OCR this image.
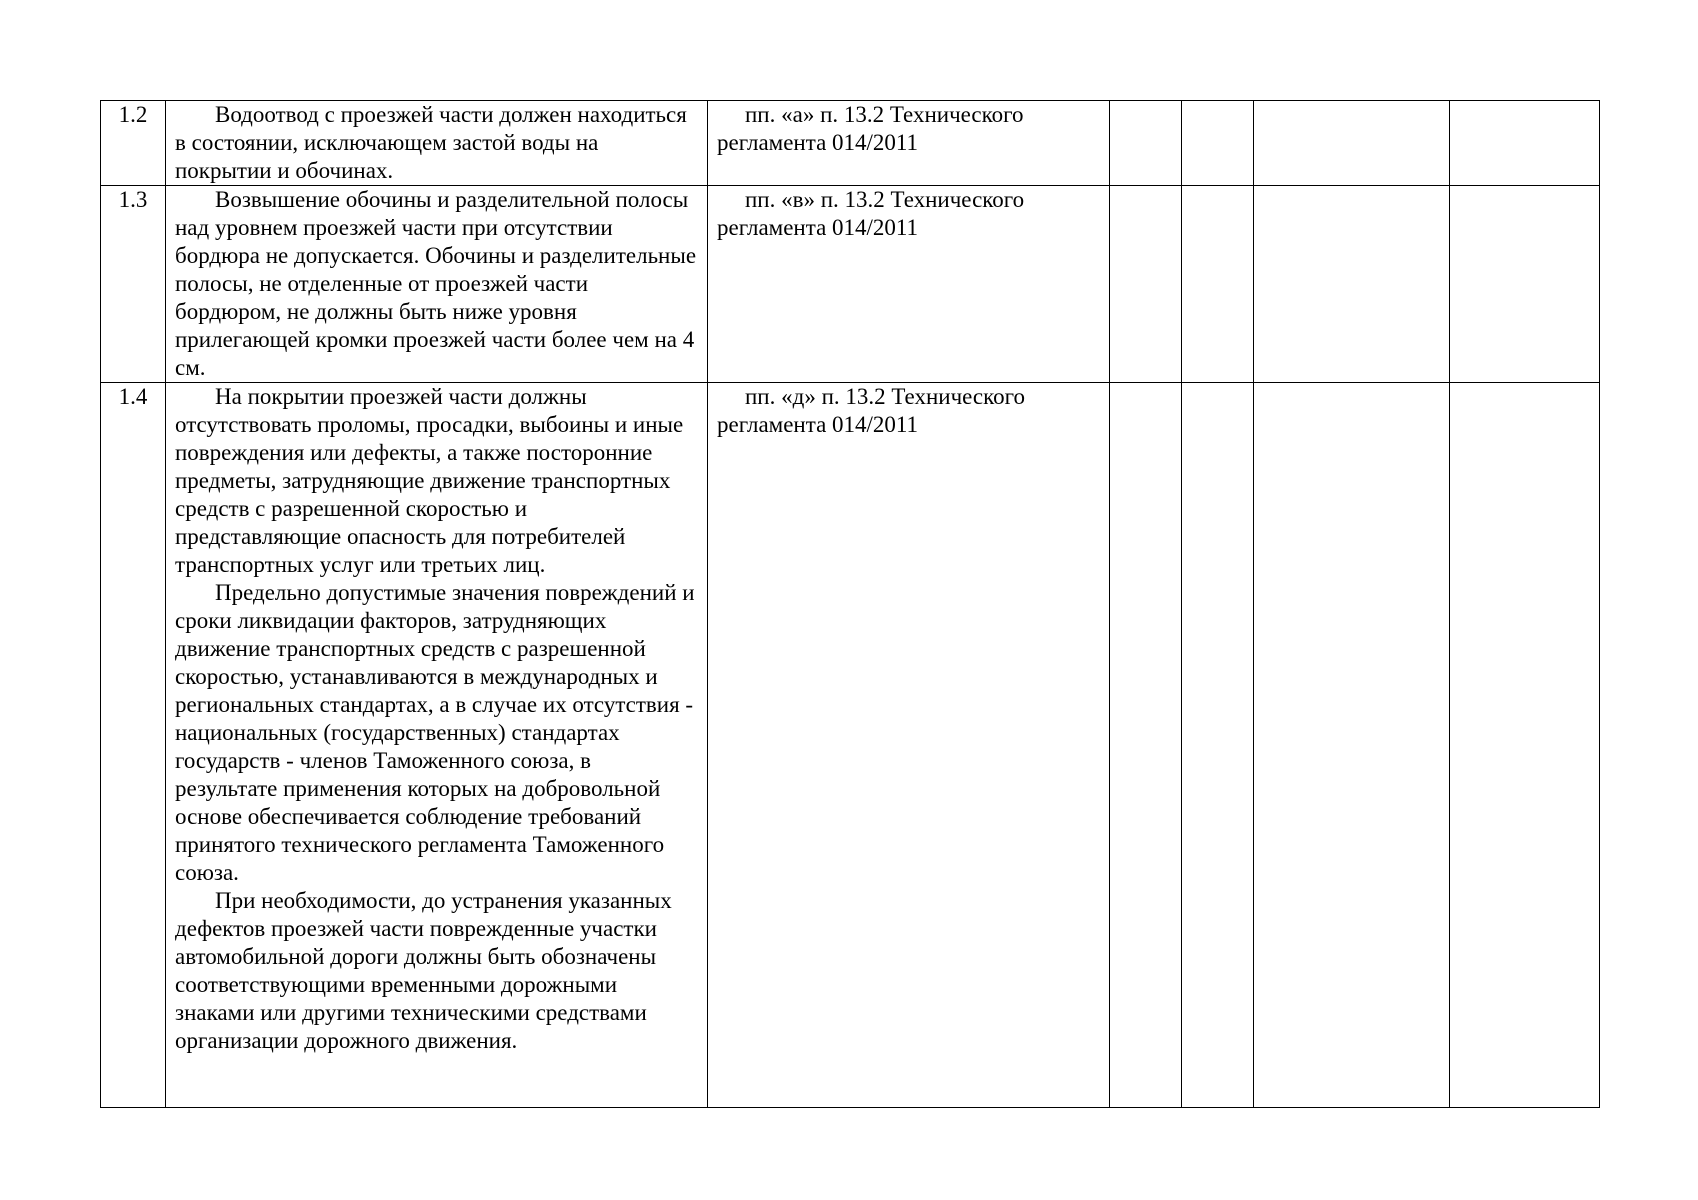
1.2	Водоотвод с проезжей части должен находиться в состоянии, исключающем застой воды на покрытии и обочинах.	пп. «а» п. 13.2 Технического регламента 014/2011				

1.3	Возвышение обочины и разделительной полосы над уровнем проезжей части при отсутствии бордюра не допускается. Обочины и разделительные полосы, не отделенные от проезжей части бордюром, не должны быть ниже уровня прилегающей кромки проезжей части более чем на 4 см.	пп. «в» п. 13.2 Технического регламента 014/2011				

1.4	На покрытии проезжей части должны отсутствовать проломы, просадки, выбоины и иные повреждения или дефекты, а также посторонние предметы, затрудняющие движение транспортных средств с разрешенной скоростью и представляющие опасность для потребителей транспортных услуг или третьих лиц.

Предельно допустимые значения повреждений и сроки ликвидации факторов, затрудняющих движение транспортных средств с разрешенной скоростью, устанавливаются в международных и региональных стандартах, а в случае их отсутствия - национальных (государственных) стандартах государств - членов Таможенного союза, в результате применения которых на добровольной основе обеспечивается соблюдение требований принятого технического регламента Таможенного союза.

При необходимости, до устранения указанных дефектов проезжей части поврежденные участки автомобильной дороги должны быть обозначены соответствующими временными дорожными знаками или другими техническими средствами организации дорожного движения.	пп. «д» п. 13.2 Технического регламента 014/2011				
